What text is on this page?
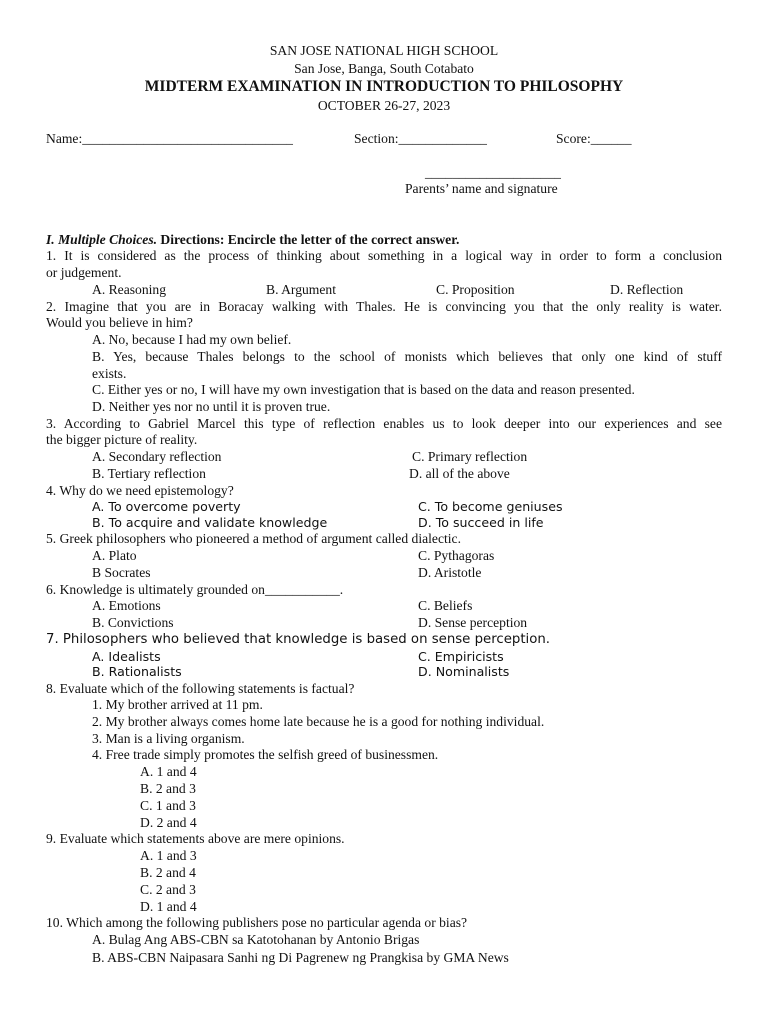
SAN JOSE NATIONAL HIGH SCHOOL
San Jose, Banga, South Cotabato
MIDTERM EXAMINATION IN INTRODUCTION TO PHILOSOPHY
OCTOBER 26-27, 2023
Name:_______________________________	Section:_____________	Score:______
____________________
Parents’ name and signature
I. Multiple Choices. Directions: Encircle the letter of the correct answer.
1. It is considered as the process of thinking about something in a logical way in order to form a conclusion
or judgement.
A. Reasoning	B. Argument	C. Proposition	D. Reflection
2. Imagine that you are in Boracay walking with Thales. He is convincing you that the only reality is water.
Would you believe in him?
A. No, because I had my own belief.
B. Yes, because Thales belongs to the school of monists which believes that only one kind of stuff
exists.
C. Either yes or no, I will have my own investigation that is based on the data and reason presented.
D. Neither yes nor no until it is proven true.
3. According to Gabriel Marcel this type of reflection enables us to look deeper into our experiences and see
the bigger picture of reality.
A. Secondary reflection	C. Primary reflection
B. Tertiary reflection	D. all of the above
4. Why do we need epistemology?
A. To overcome poverty	C. To become geniuses
B. To acquire and validate knowledge	D. To succeed in life
5. Greek philosophers who pioneered a method of argument called dialectic.
A. Plato	C. Pythagoras
B Socrates	D. Aristotle
6. Knowledge is ultimately grounded on___________.
A. Emotions	C. Beliefs
B. Convictions	D. Sense perception
7. Philosophers who believed that knowledge is based on sense perception.
A. Idealists	C. Empiricists
B. Rationalists	D. Nominalists
8. Evaluate which of the following statements is factual?
1. My brother arrived at 11 pm.
2. My brother always comes home late because he is a good for nothing individual.
3. Man is a living organism.
4. Free trade simply promotes the selfish greed of businessmen.
A. 1 and 4
B. 2 and 3
C. 1 and 3
D. 2 and 4
9. Evaluate which statements above are mere opinions.
A. 1 and 3
B. 2 and 4
C. 2 and 3
D. 1 and 4
10. Which among the following publishers pose no particular agenda or bias?
A. Bulag Ang ABS-CBN sa Katotohanan by Antonio Brigas
B. ABS-CBN Naipasara Sanhi ng Di Pagrenew ng Prangkisa by GMA News
